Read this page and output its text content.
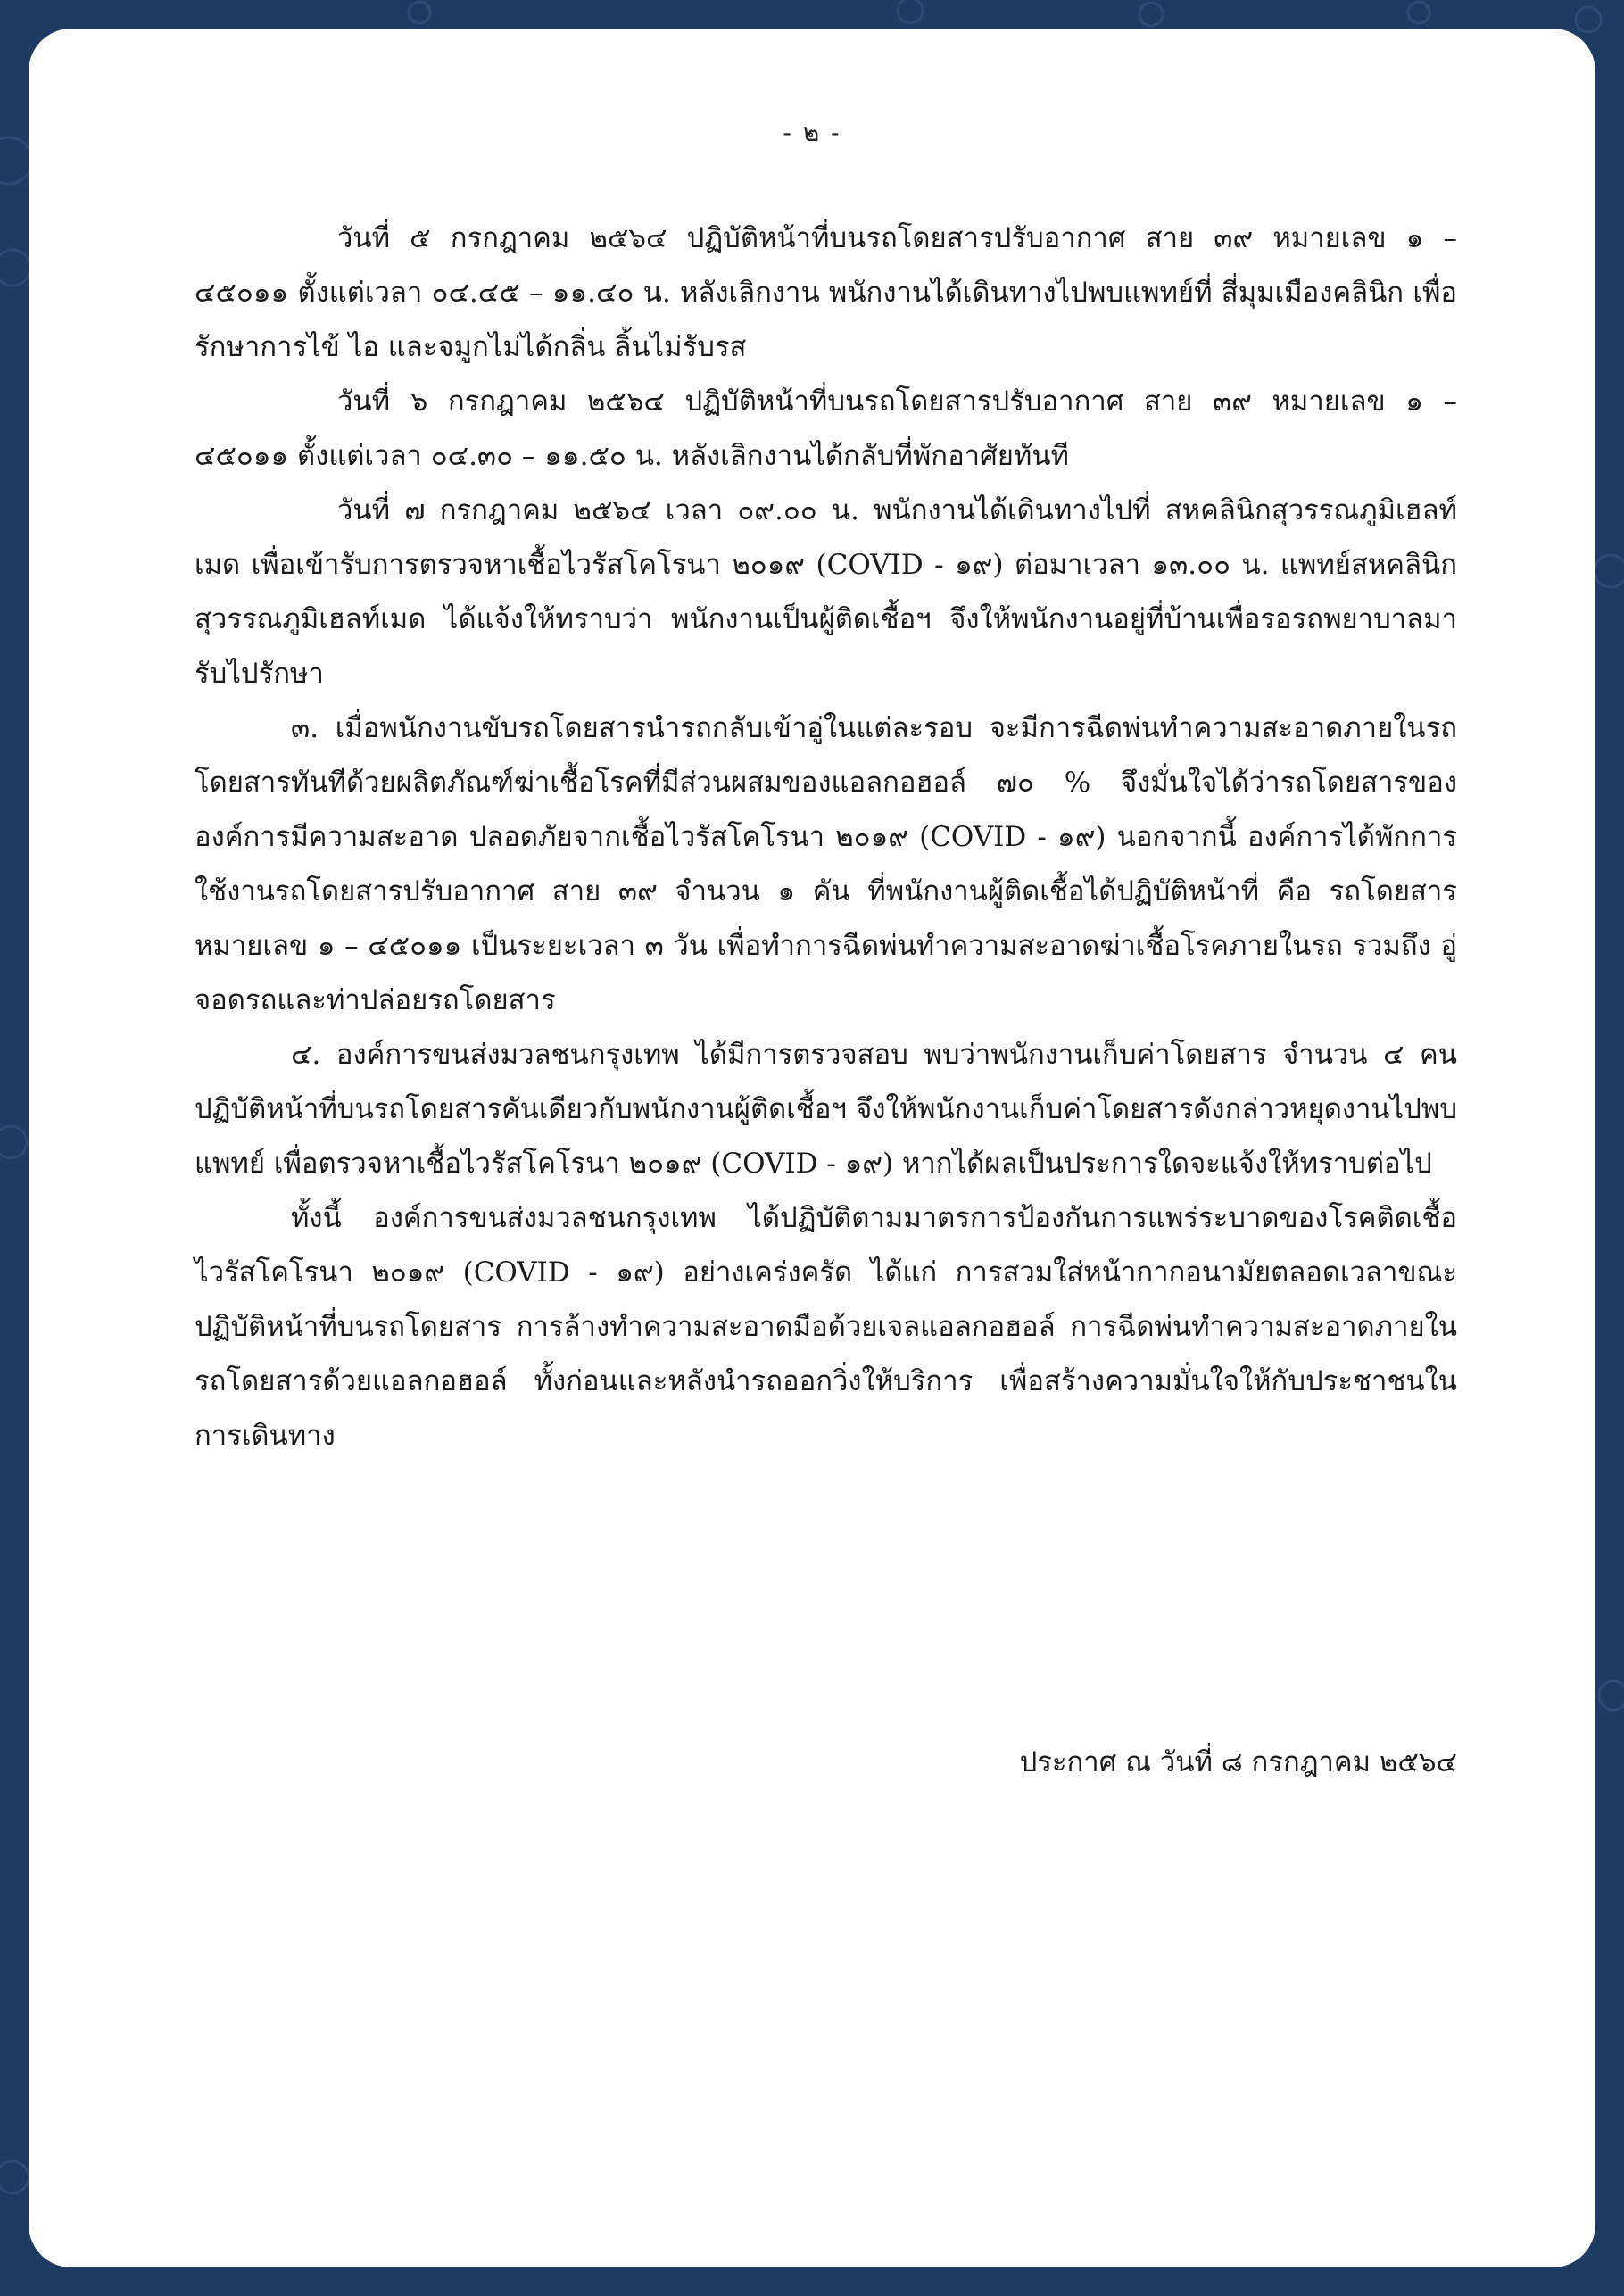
- ๒ -

วันที่ ๕ กรกฎาคม ๒๕๖๔ ปฏิบัติหน้าที่บนรถโดยสารปรับอากาศ สาย ๓๙ หมายเลข ๑ – ๔๕๐๑๑ ตั้งแต่เวลา ๐๔.๔๕ – ๑๑.๔๐ น. หลังเลิกงาน พนักงานได้เดินทางไปพบแพทย์ที่ สี่มุมเมืองคลินิก เพื่อรักษาการไข้ ไอ และจมูกไม่ได้กลิ่น ลิ้นไม่รับรส

วันที่ ๖ กรกฎาคม ๒๕๖๔ ปฏิบัติหน้าที่บนรถโดยสารปรับอากาศ สาย ๓๙ หมายเลข ๑ – ๔๕๐๑๑ ตั้งแต่เวลา ๐๔.๓๐ – ๑๑.๕๐ น. หลังเลิกงานได้กลับที่พักอาศัยทันที

วันที่ ๗ กรกฎาคม ๒๕๖๔ เวลา ๐๙.๐๐ น. พนักงานได้เดินทางไปที่ สหคลินิกสุวรรณภูมิเฮลท์เมด เพื่อเข้ารับการตรวจหาเชื้อไวรัสโคโรนา ๒๐๑๙ (COVID - ๑๙) ต่อมาเวลา ๑๓.๐๐ น. แพทย์สหคลินิกสุวรรณภูมิเฮลท์เมด ได้แจ้งให้ทราบว่า พนักงานเป็นผู้ติดเชื้อฯ จึงให้พนักงานอยู่ที่บ้านเพื่อรอรถพยาบาลมารับไปรักษา

๓. เมื่อพนักงานขับรถโดยสารนำรถกลับเข้าอู่ในแต่ละรอบ จะมีการฉีดพ่นทำความสะอาดภายในรถโดยสารทันทีด้วยผลิตภัณฑ์ฆ่าเชื้อโรคที่มีส่วนผสมของแอลกอฮอล์ ๗๐ % จึงมั่นใจได้ว่ารถโดยสารขององค์การมีความสะอาด ปลอดภัยจากเชื้อไวรัสโคโรนา ๒๐๑๙ (COVID - ๑๙) นอกจากนี้ องค์การได้พักการใช้งานรถโดยสารปรับอากาศ สาย ๓๙ จำนวน ๑ คัน ที่พนักงานผู้ติดเชื้อได้ปฏิบัติหน้าที่ คือ รถโดยสารหมายเลข ๑ – ๔๕๐๑๑ เป็นระยะเวลา ๓ วัน เพื่อทำการฉีดพ่นทำความสะอาดฆ่าเชื้อโรคภายในรถ รวมถึง อู่จอดรถและท่าปล่อยรถโดยสาร

๔. องค์การขนส่งมวลชนกรุงเทพ ได้มีการตรวจสอบ พบว่าพนักงานเก็บค่าโดยสาร จำนวน ๔ คน ปฏิบัติหน้าที่บนรถโดยสารคันเดียวกับพนักงานผู้ติดเชื้อฯ จึงให้พนักงานเก็บค่าโดยสารดังกล่าวหยุดงานไปพบแพทย์ เพื่อตรวจหาเชื้อไวรัสโคโรนา ๒๐๑๙ (COVID - ๑๙) หากได้ผลเป็นประการใดจะแจ้งให้ทราบต่อไป

ทั้งนี้ องค์การขนส่งมวลชนกรุงเทพ ได้ปฏิบัติตามมาตรการป้องกันการแพร่ระบาดของโรคติดเชื้อไวรัสโคโรนา ๒๐๑๙ (COVID - ๑๙) อย่างเคร่งครัด ได้แก่ การสวมใส่หน้ากากอนามัยตลอดเวลาขณะปฏิบัติหน้าที่บนรถโดยสาร การล้างทำความสะอาดมือด้วยเจลแอลกอฮอล์ การฉีดพ่นทำความสะอาดภายในรถโดยสารด้วยแอลกอฮอล์ ทั้งก่อนและหลังนำรถออกวิ่งให้บริการ เพื่อสร้างความมั่นใจให้กับประชาชนในการเดินทาง

ประกาศ ณ วันที่ ๘ กรกฎาคม ๒๕๖๔
